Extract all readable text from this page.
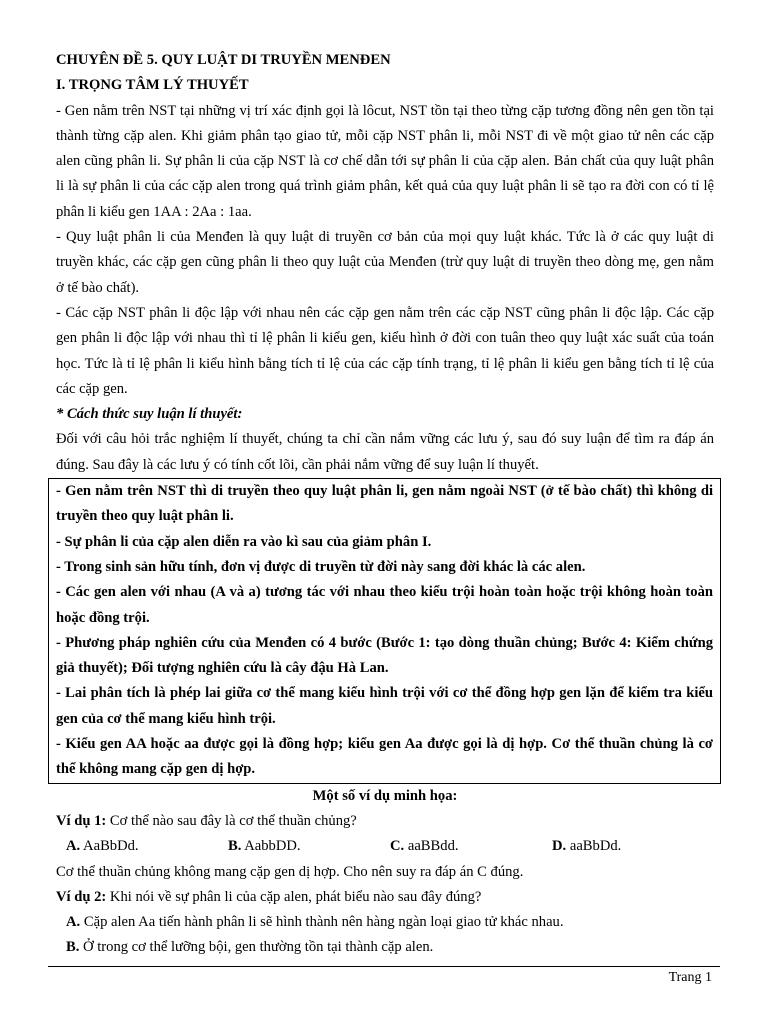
CHUYÊN ĐỀ 5. QUY LUẬT DI TRUYỀN MENĐEN

I. TRỌNG TÂM LÝ THUYẾT

- Gen nằm trên NST tại những vị trí xác định gọi là lôcut, NST tồn tại theo từng cặp tương đồng nên gen tồn tại thành từng cặp alen. Khi giảm phân tạo giao tử, mỗi cặp NST phân li, mỗi NST đi về một giao tử nên các cặp alen cũng phân li. Sự phân li của cặp NST là cơ chế dẫn tới sự phân li của cặp alen. Bản chất của quy luật phân li là sự phân li của các cặp alen trong quá trình giảm phân, kết quả của quy luật phân li sẽ tạo ra đời con có tỉ lệ phân li kiểu gen 1AA : 2Aa : 1aa.

- Quy luật phân li của Menđen là quy luật di truyền cơ bản của mọi quy luật khác. Tức là ở các quy luật di truyền khác, các cặp gen cũng phân li theo quy luật của Menđen (trừ quy luật di truyền theo dòng mẹ, gen nằm ở tế bào chất).

- Các cặp NST phân li độc lập với nhau nên các cặp gen nằm trên các cặp NST cũng phân li độc lập. Các cặp gen phân li độc lập với nhau thì tỉ lệ phân li kiểu gen, kiểu hình ở đời con tuân theo quy luật xác suất của toán học. Tức là tỉ lệ phân li kiểu hình bằng tích tỉ lệ của các cặp tính trạng, tỉ lệ phân li kiểu gen bằng tích tỉ lệ của các cặp gen.

* Cách thức suy luận lí thuyết:

Đối với câu hỏi trắc nghiệm lí thuyết, chúng ta chỉ cần nắm vững các lưu ý, sau đó suy luận để tìm ra đáp án đúng. Sau đây là các lưu ý có tính cốt lõi, cần phải nắm vững để suy luận lí thuyết.

- Gen nằm trên NST thì di truyền theo quy luật phân li, gen nằm ngoài NST (ở tế bào chất) thì không di truyền theo quy luật phân li.

- Sự phân li của cặp alen diễn ra vào kì sau của giảm phân I.

- Trong sinh sản hữu tính, đơn vị được di truyền từ đời này sang đời khác là các alen.

- Các gen alen với nhau (A và a) tương tác với nhau theo kiểu trội hoàn toàn hoặc trội không hoàn toàn hoặc đồng trội.

- Phương pháp nghiên cứu của Menđen có 4 bước (Bước 1: tạo dòng thuần chủng; Bước 4: Kiểm chứng giả thuyết); Đối tượng nghiên cứu là cây đậu Hà Lan.

- Lai phân tích là phép lai giữa cơ thể mang kiểu hình trội với cơ thể đồng hợp gen lặn để kiểm tra kiểu gen của cơ thể mang kiểu hình trội.

- Kiểu gen AA hoặc aa được gọi là đồng hợp; kiểu gen Aa được gọi là dị hợp. Cơ thể thuần chủng là cơ thể không mang cặp gen dị hợp.

Một số ví dụ minh họa:

Ví dụ 1: Cơ thể nào sau đây là cơ thể thuần chủng?

A. AaBbDd.	B. AabbDD.	C. aaBBdd.	D. aaBbDd.

Cơ thể thuần chủng không mang cặp gen dị hợp. Cho nên suy ra đáp án C đúng.

Ví dụ 2: Khi nói về sự phân li của cặp alen, phát biểu nào sau đây đúng?

A. Cặp alen Aa tiến hành phân li sẽ hình thành nên hàng ngàn loại giao tử khác nhau.

B. Ở trong cơ thể lưỡng bội, gen thường tồn tại thành cặp alen.

Trang 1
